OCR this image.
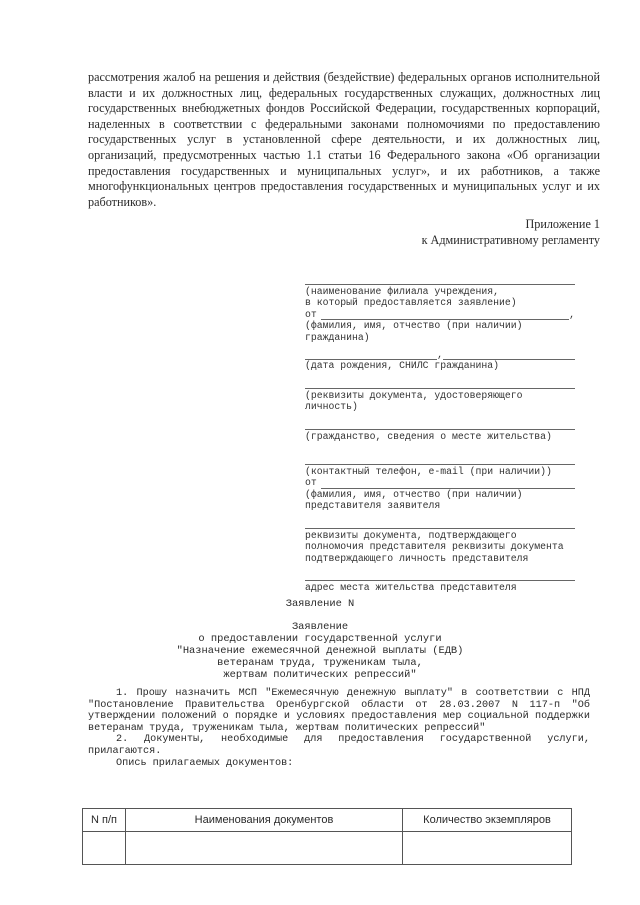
рассмотрения жалоб на решения и действия (бездействие) федеральных органов исполнительной власти и их должностных лиц, федеральных государственных служащих, должностных лиц государственных внебюджетных фондов Российской Федерации, государственных корпораций, наделенных в соответствии с федеральными законами полномочиями по предоставлению государственных услуг в установленной сфере деятельности, и их должностных лиц, организаций, предусмотренных частью 1.1 статьи 16 Федерального закона «Об организации предоставления государственных и муниципальных услуг», и их работников, а также многофункциональных центров предоставления государственных и муниципальных услуг и их работников».

Приложение 1
к Административному регламенту
(наименование филиала учреждения,
в который предоставляется заявление)
от	,
(фамилия, имя, отчество (при наличии)
гражданина)
,
(дата рождения, СНИЛС гражданина)
(реквизиты документа, удостоверяющего
личность)
(гражданство, сведения о месте жительства)
(контактный телефон, e-mail (при наличии))
от
(фамилия, имя, отчество (при наличии)
представителя заявителя
реквизиты документа, подтверждающего
полномочия представителя реквизиты документа
подтверждающего личность представителя
адрес места жительства представителя
Заявление N
Заявление
о предоставлении государственной услуги
"Назначение ежемесячной денежной выплаты (ЕДВ)
ветеранам труда, труженикам тыла,
жертвам политических репрессий"

1. Прошу назначить МСП "Ежемесячную денежную выплату" в соответствии с НПД "Постановление Правительства Оренбургской области от 28.03.2007 N 117-п "Об утверждении положений о порядке и условиях предоставления мер социальной поддержки ветеранам труда, труженикам тыла, жертвам политических репрессий"

2. Документы, необходимые для предоставления государственной услуги, прилагаются.

Опись прилагаемых документов:

N п/п	Наименования документов	Количество экземпляров
